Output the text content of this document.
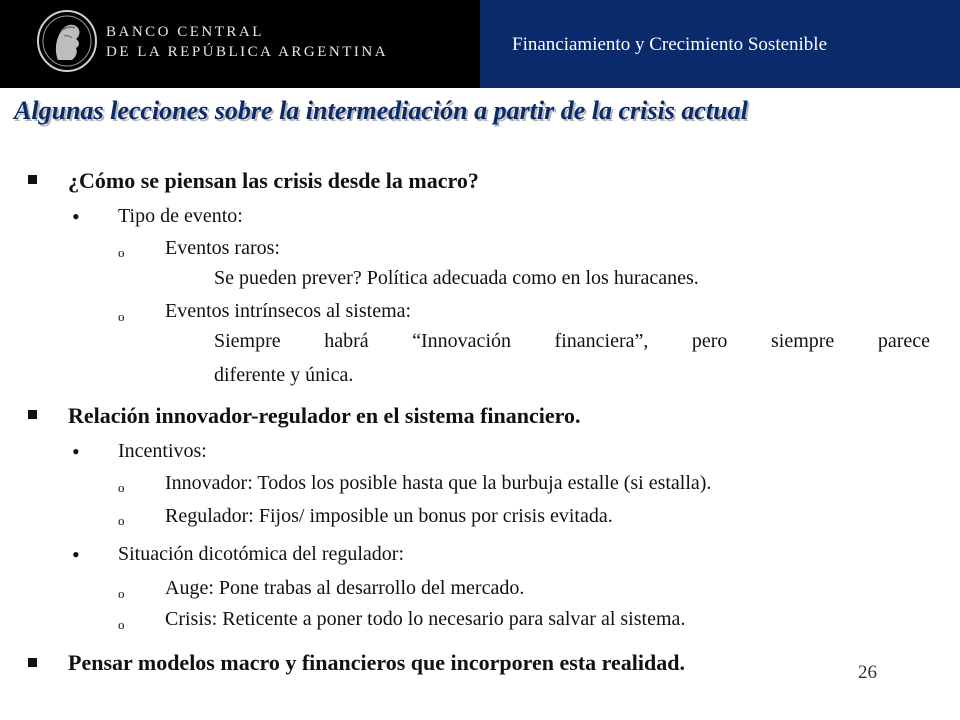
BANCO CENTRAL
DE LA REPÚBLICA ARGENTINA	Financiamiento y Crecimiento Sostenible
Algunas lecciones sobre la intermediación a partir de la crisis actual
¿Cómo se piensan las crisis desde la macro?
• Tipo de evento:
o Eventos raros:
Se pueden prever? Política adecuada como en los huracanes.
o Eventos intrínsecos al sistema:
Siempre habrá “Innovación financiera”, pero siempre parece
diferente y única.
Relación innovador-regulador en el sistema financiero.
• Incentivos:
o Innovador: Todos los posible hasta que la burbuja estalle (si estalla).
o Regulador: Fijos/ imposible un bonus por crisis evitada.
• Situación dicotómica del regulador:
o Auge: Pone trabas al desarrollo del mercado.
o Crisis: Reticente a poner todo lo necesario para salvar al sistema.
26
Pensar modelos macro y financieros que incorporen esta realidad.
